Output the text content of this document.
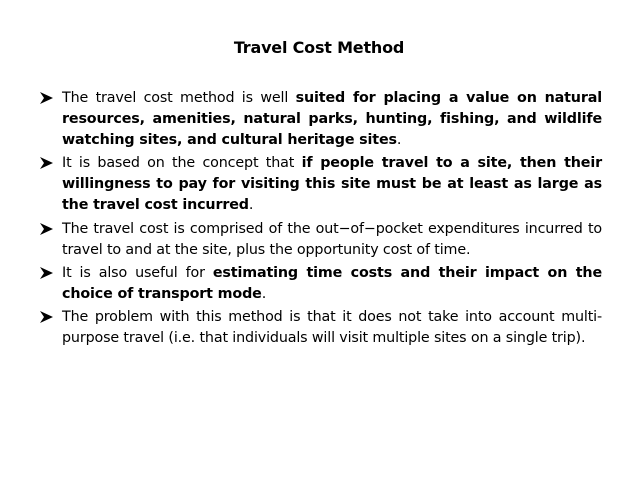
Travel Cost Method
The travel cost method is well suited for placing a value on natural resources, amenities, natural parks, hunting, fishing, and wildlife watching sites, and cultural heritage sites.
It is based on the concept that if people travel to a site, then their willingness to pay for visiting this site must be at least as large as the travel cost incurred.
The travel cost is comprised of the out−of−pocket expenditures incurred to travel to and at the site, plus the opportunity cost of time.
It is also useful for estimating time costs and their impact on the choice of transport mode.
The problem with this method is that it does not take into account multi-purpose travel (i.e. that individuals will visit multiple sites on a single trip).
